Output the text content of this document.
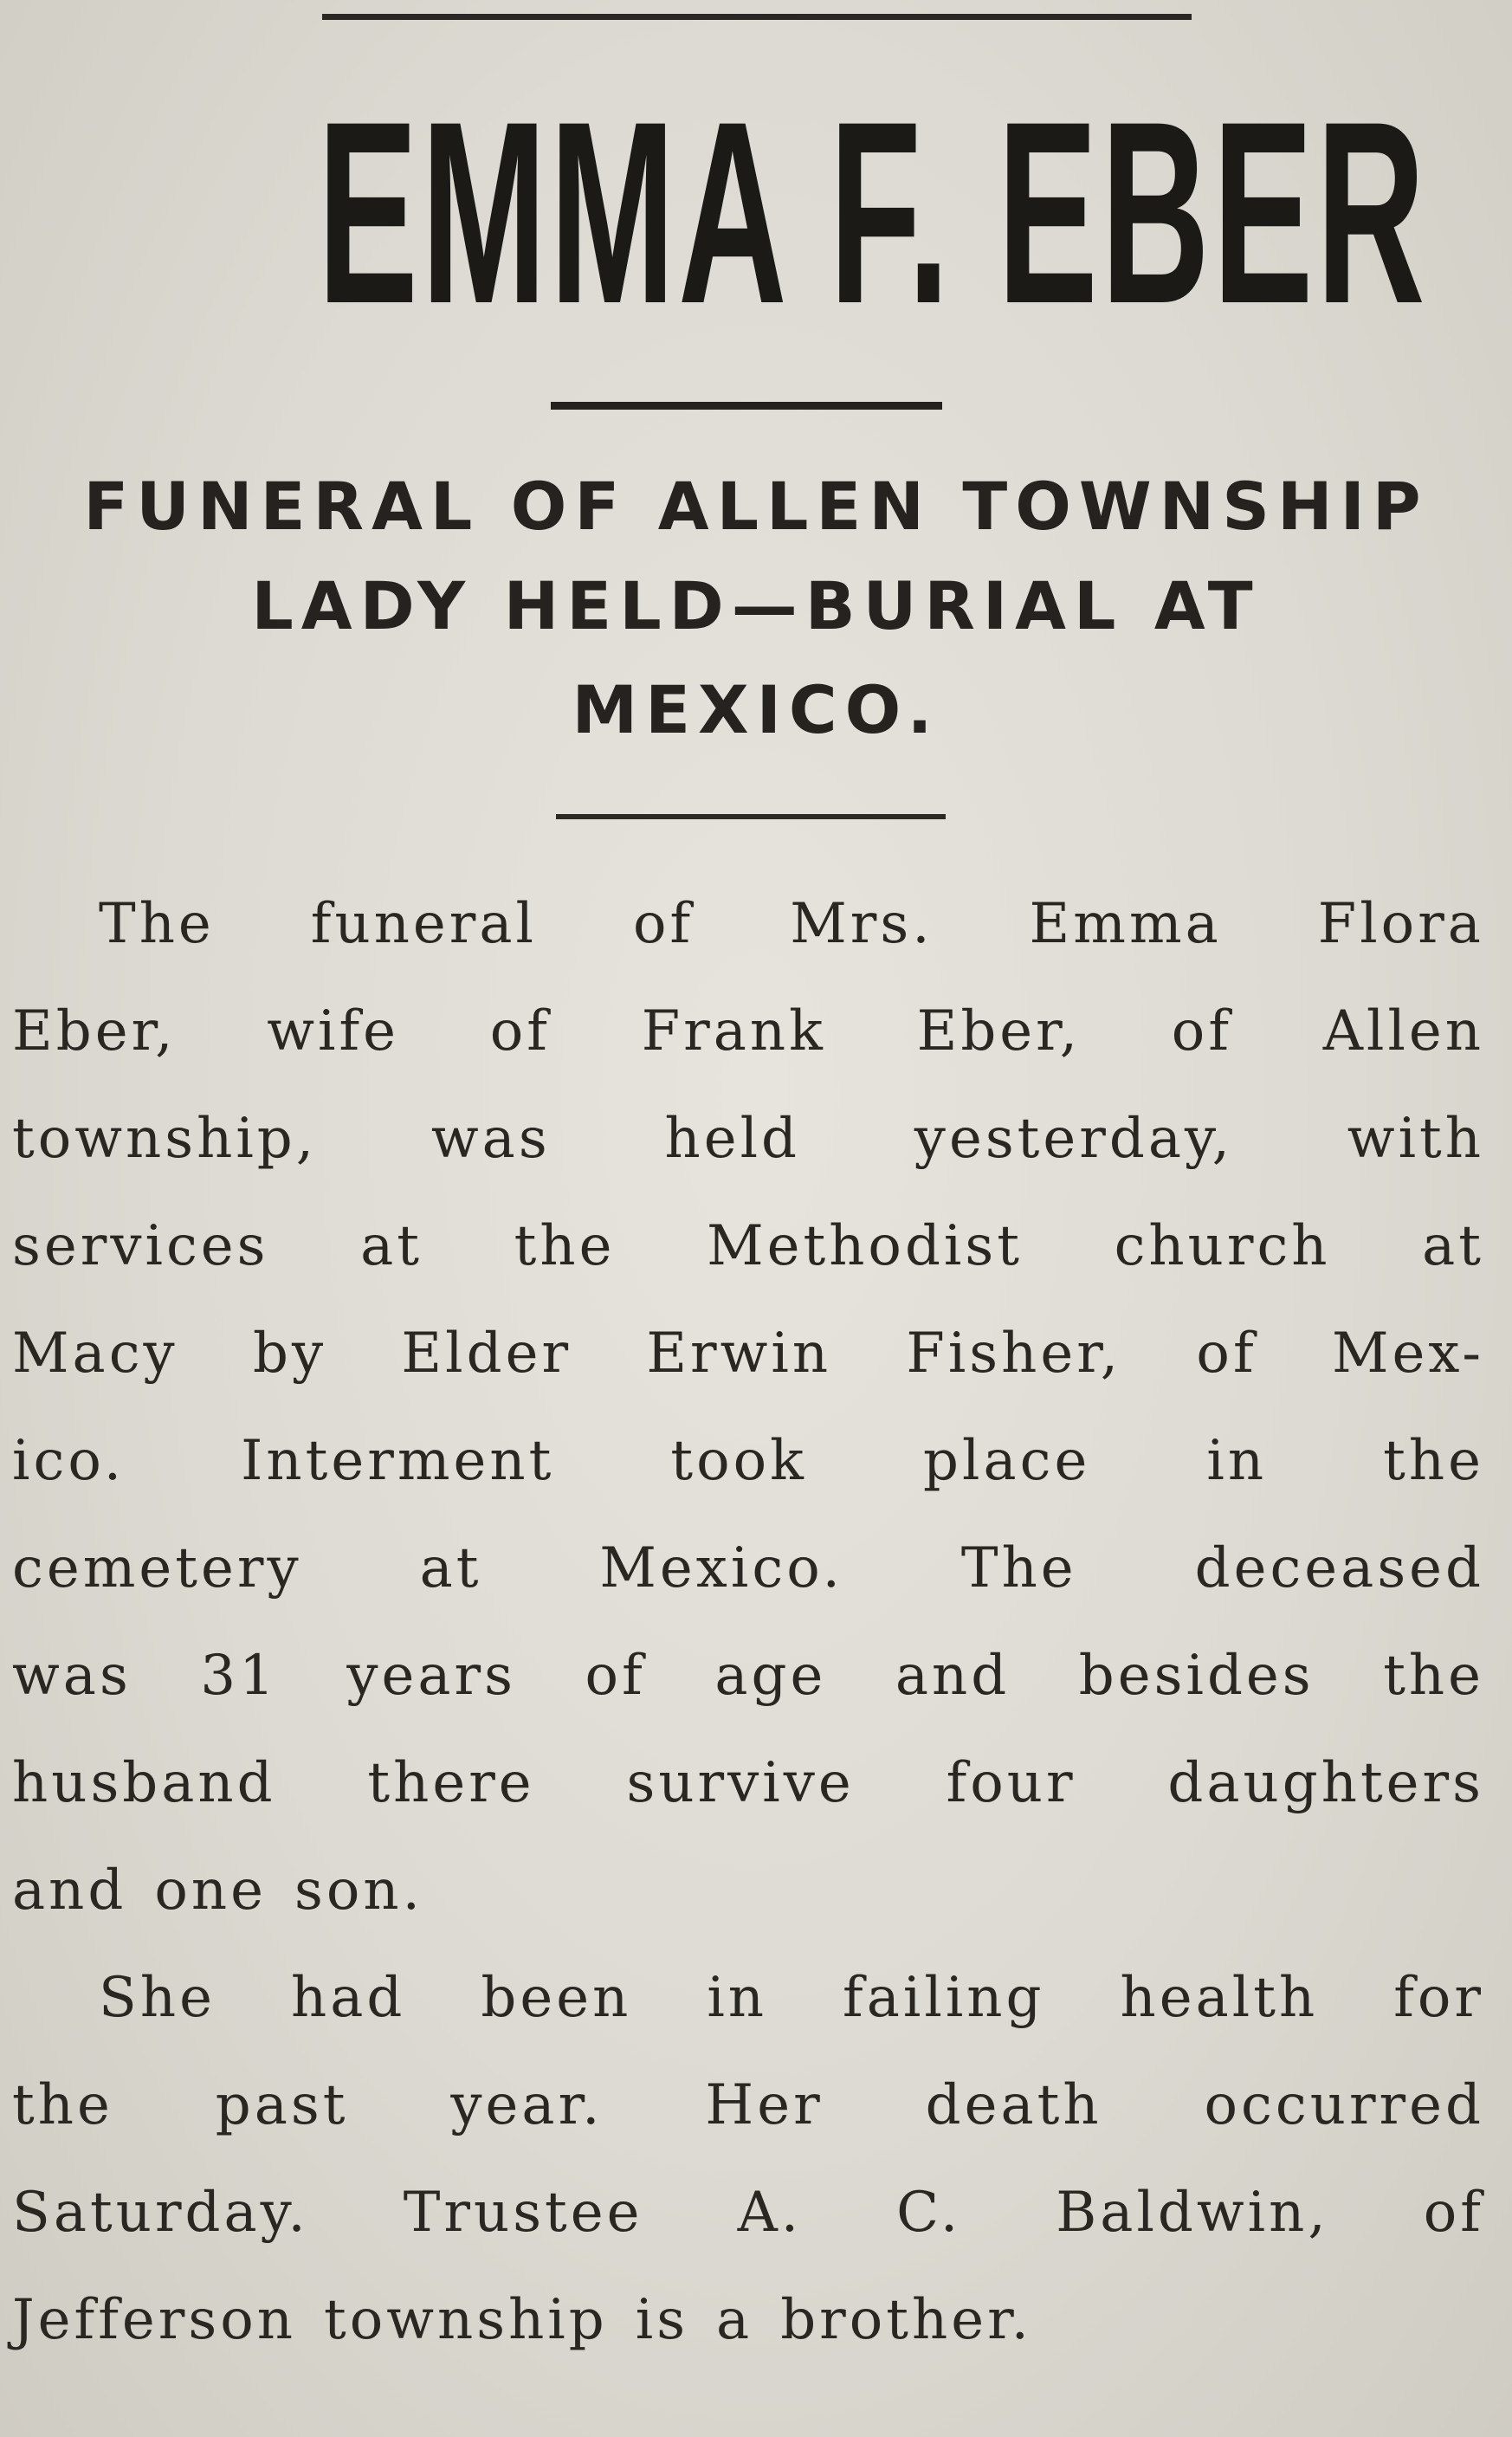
EMMA F. EBER
FUNERAL OF ALLEN TOWNSHIP
LADY HELD—BURIAL AT
MEXICO.
The funeral of Mrs. Emma Flora
Eber, wife of Frank Eber, of Allen
township, was held yesterday, with
services at the Methodist church at
Macy by Elder Erwin Fisher, of Mex-
ico. Interment took place in the
cemetery at Mexico. The deceased
was 31 years of age and besides the
husband there survive four daughters
and one son.
She had been in failing health for
the past year. Her death occurred
Saturday. Trustee A. C. Baldwin, of
Jefferson township is a brother.
